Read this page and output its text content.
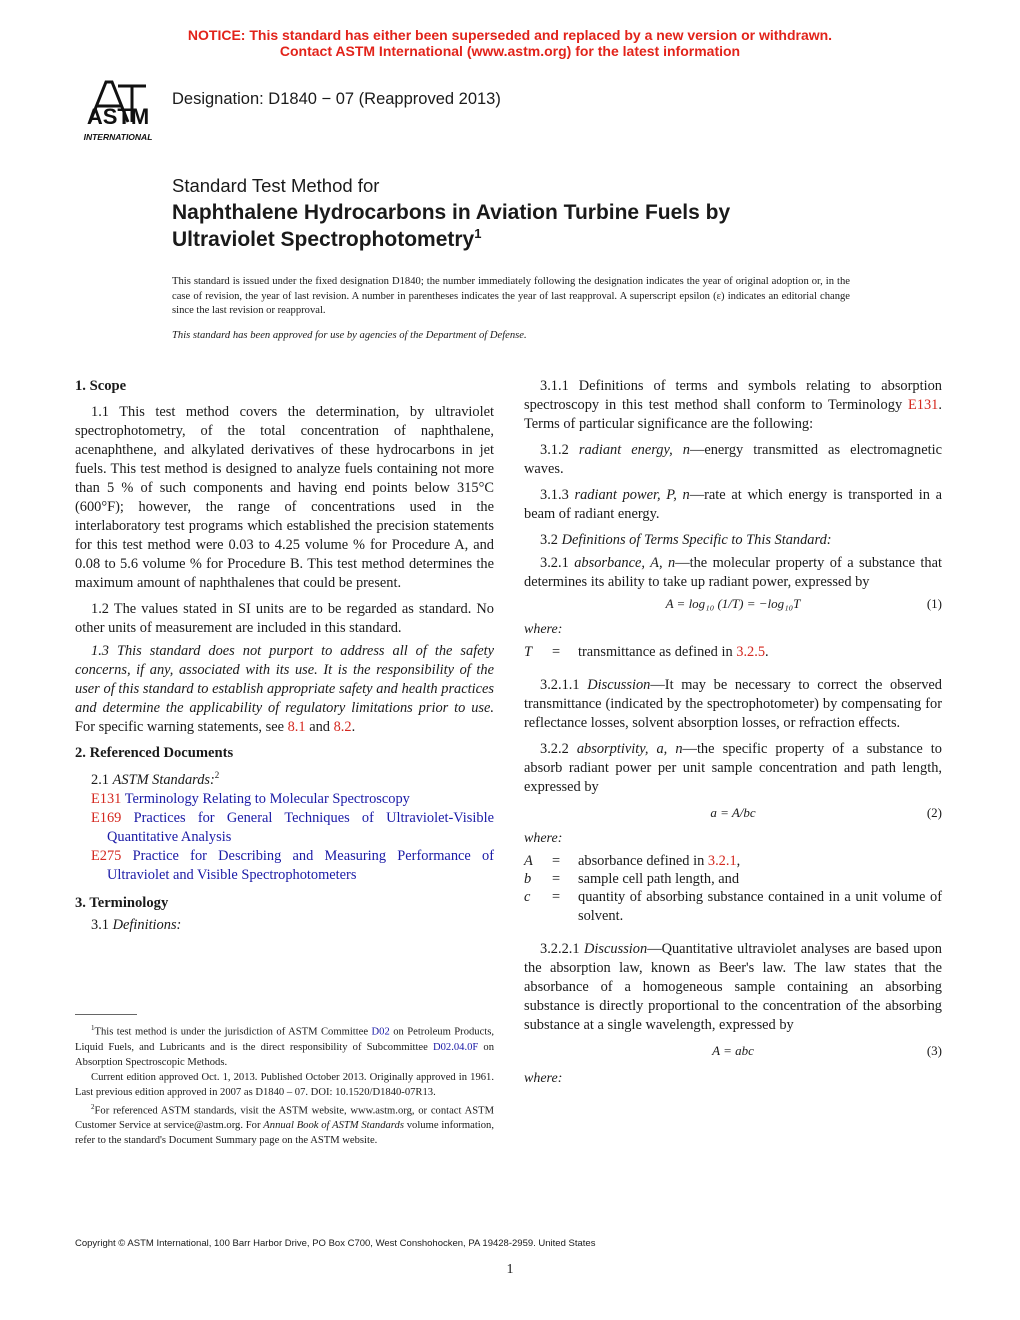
NOTICE: This standard has either been superseded and replaced by a new version or withdrawn.
Contact ASTM International (www.astm.org) for the latest information
ASTM
INTERNATIONAL
Designation: D1840 − 07 (Reapproved 2013)
Standard Test Method for
Naphthalene Hydrocarbons in Aviation Turbine Fuels by
Ultraviolet Spectrophotometry$^1$
This standard is issued under the fixed designation D1840; the number immediately following the designation indicates the year of original adoption or, in the case of revision, the year of last revision. A number in parentheses indicates the year of last reapproval. A superscript epsilon (ε) indicates an editorial change since the last revision or reapproval.
This standard has been approved for use by agencies of the Department of Defense.
1. Scope

1.1 This test method covers the determination, by ultraviolet spectrophotometry, of the total concentration of naphthalene, acenaphthene, and alkylated derivatives of these hydrocarbons in jet fuels. This test method is designed to analyze fuels containing not more than 5 % of such components and having end points below 315°C (600°F); however, the range of concentrations used in the interlaboratory test programs which established the precision statements for this test method were 0.03 to 4.25 volume % for Procedure A, and 0.08 to 5.6 volume % for Procedure B. This test method determines the maximum amount of naphthalenes that could be present.

1.2 The values stated in SI units are to be regarded as standard. No other units of measurement are included in this standard.

1.3 This standard does not purport to address all of the safety concerns, if any, associated with its use. It is the responsibility of the user of this standard to establish appropriate safety and health practices and determine the applicability of regulatory limitations prior to use. For specific warning statements, see 8.1 and 8.2.

2. Referenced Documents

2.1 ASTM Standards:$^2$

E131 Terminology Relating to Molecular Spectroscopy

E169 Practices for General Techniques of Ultraviolet-Visible Quantitative Analysis

E275 Practice for Describing and Measuring Performance of Ultraviolet and Visible Spectrophotometers

3. Terminology

3.1 Definitions:

$^1$This test method is under the jurisdiction of ASTM Committee D02 on Petroleum Products, Liquid Fuels, and Lubricants and is the direct responsibility of Subcommittee D02.04.0F on Absorption Spectroscopic Methods.

Current edition approved Oct. 1, 2013. Published October 2013. Originally approved in 1961. Last previous edition approved in 2007 as D1840 – 07. DOI: 10.1520/D1840-07R13.

$^2$For referenced ASTM standards, visit the ASTM website, www.astm.org, or contact ASTM Customer Service at service@astm.org. For Annual Book of ASTM Standards volume information, refer to the standard's Document Summary page on the ASTM website.

3.1.1 Definitions of terms and symbols relating to absorption spectroscopy in this test method shall conform to Terminology E131. Terms of particular significance are the following:

3.1.2 radiant energy, n—energy transmitted as electromagnetic waves.

3.1.3 radiant power, P, n—rate at which energy is transported in a beam of radiant energy.

3.2 Definitions of Terms Specific to This Standard:

3.2.1 absorbance, A, n—the molecular property of a substance that determines its ability to take up radiant power, expressed by

A = log₁₀ (1/T) = −log₁₀T	(1)
where:
T	=	transmittance as defined in 3.2.5.

3.2.1.1 Discussion—It may be necessary to correct the observed transmittance (indicated by the spectrophotometer) by compensating for reflectance losses, solvent absorption losses, or refraction effects.

3.2.2 absorptivity, a, n—the specific property of a substance to absorb radiant power per unit sample concentration and path length, expressed by

a = A/bc	(2)
where:
A	=	absorbance defined in 3.2.1,
b	=	sample cell path length, and
c	=	quantity of absorbing substance contained in a unit volume of solvent.

3.2.2.1 Discussion—Quantitative ultraviolet analyses are based upon the absorption law, known as Beer's law. The law states that the absorbance of a homogeneous sample containing an absorbing substance is directly proportional to the concentration of the absorbing substance at a single wavelength, expressed by

A = abc	(3)
where:
Copyright © ASTM International, 100 Barr Harbor Drive, PO Box C700, West Conshohocken, PA 19428-2959. United States
1
